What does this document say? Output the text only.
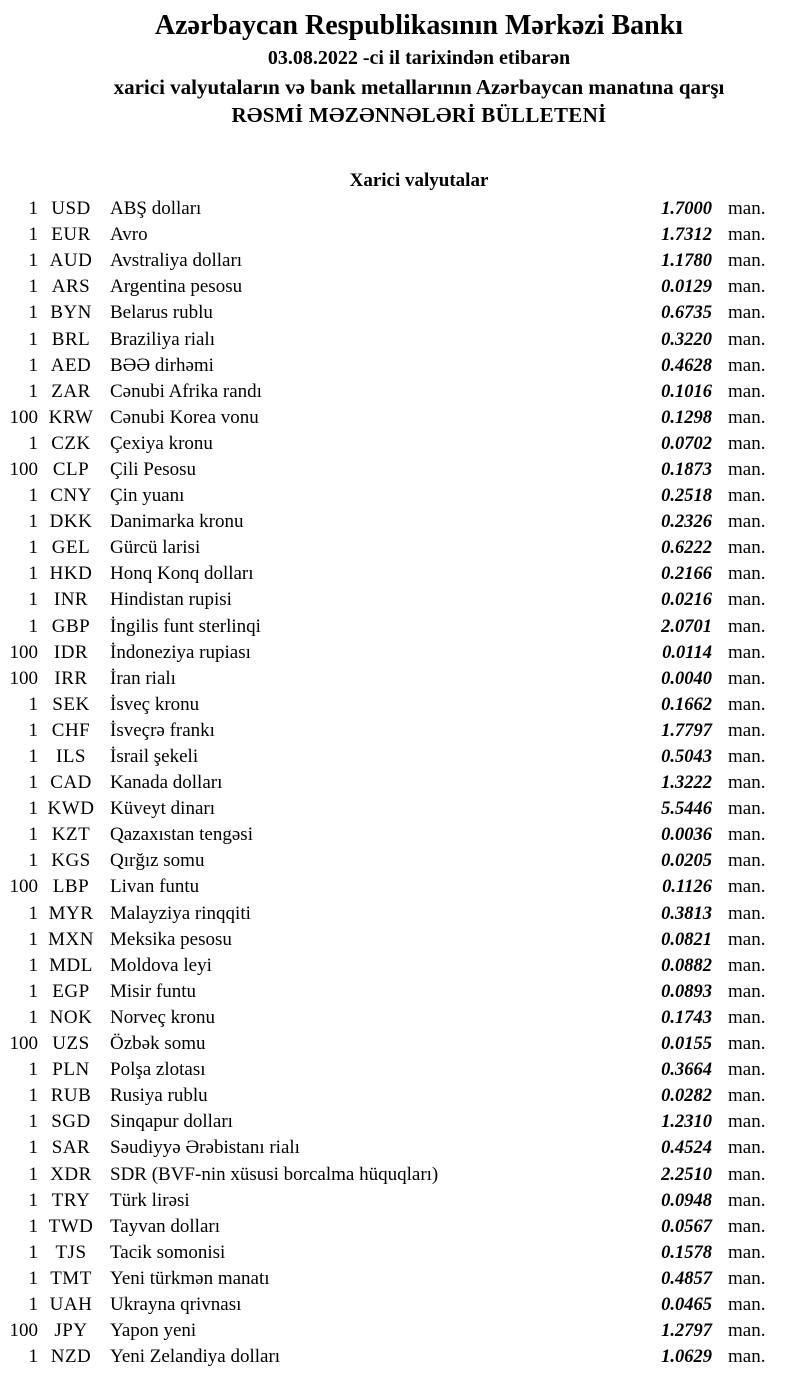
Azərbaycan Respublikasının Mərkəzi Bankı
03.08.2022 -ci il tarixindən etibarən
xarici valyutaların və bank metallarının Azərbaycan manatına qarşı
RƏSMİ MƏZƏNNƏLƏRİ BÜLLETENİ
Xarici valyutalar
1 USD	ABŞ dolları	1.7000 man.
1 EUR	Avro	1.7312 man.
1 AUD Avstraliya dolları	1.1780 man.
1 ARS	Argentina pesosu	0.0129 man.
1 BYN Belarus rublu	0.6735 man.
1 BRL	Braziliya rialı	0.3220 man.
1 AED BƏƏ dirhəmi	0.4628 man.
1 ZAR	Cənubi Afrika randı	0.1016 man.
100 KRW Cənubi Korea vonu	0.1298 man.
1 CZK	Çexiya kronu	0.0702 man.
100 CLP	Çili Pesosu	0.1873 man.
1 CNY Çin yuanı	0.2518 man.
1 DKK Danimarka kronu	0.2326 man.
1 GEL	Gürcü larisi	0.6222 man.
1 HKD Honq Konq dolları	0.2166 man.
1 INR	Hindistan rupisi	0.0216 man.
1 GBP	İngilis funt sterlinqi	2.0701 man.
100 IDR	İndoneziya rupiası	0.0114 man.
100 IRR	İran rialı	0.0040 man.
1 SEK	İsveç kronu	0.1662 man.
1 CHF	İsveçrə frankı	1.7797 man.
1 ILS	İsrail şekeli	0.5043 man.
1 CAD Kanada dolları	1.3222 man.
1 KWD Küveyt dinarı	5.5446 man.
1 KZT	Qazaxıstan tengəsi	0.0036 man.
1 KGS	Qırğız somu	0.0205 man.
100 LBP	Livan funtu	0.1126 man.
1 MYR Malayziya rinqqiti	0.3813 man.
1 MXN Meksika pesosu	0.0821 man.
1 MDL Moldova leyi	0.0882 man.
1 EGP	Misir funtu	0.0893 man.
1 NOK Norveç kronu	0.1743 man.
100 UZS	Özbək somu	0.0155 man.
1 PLN	Polşa zlotası	0.3664 man.
1 RUB Rusiya rublu	0.0282 man.
1 SGD	Sinqapur dolları	1.2310 man.
1 SAR	Səudiyyə Ərəbistanı rialı	0.4524 man.
1 XDR SDR (BVF-nin xüsusi borcalma hüquqları)	2.2510 man.
1 TRY	Türk lirəsi	0.0948 man.
1 TWD Tayvan dolları	0.0567 man.
1 TJS	Tacik somonisi	0.1578 man.
1 TMT Yeni türkmən manatı	0.4857 man.
1 UAH Ukrayna qrivnası	0.0465 man.
100 JPY	Yapon yeni	1.2797 man.
1 NZD Yeni Zelandiya dolları	1.0629 man.
